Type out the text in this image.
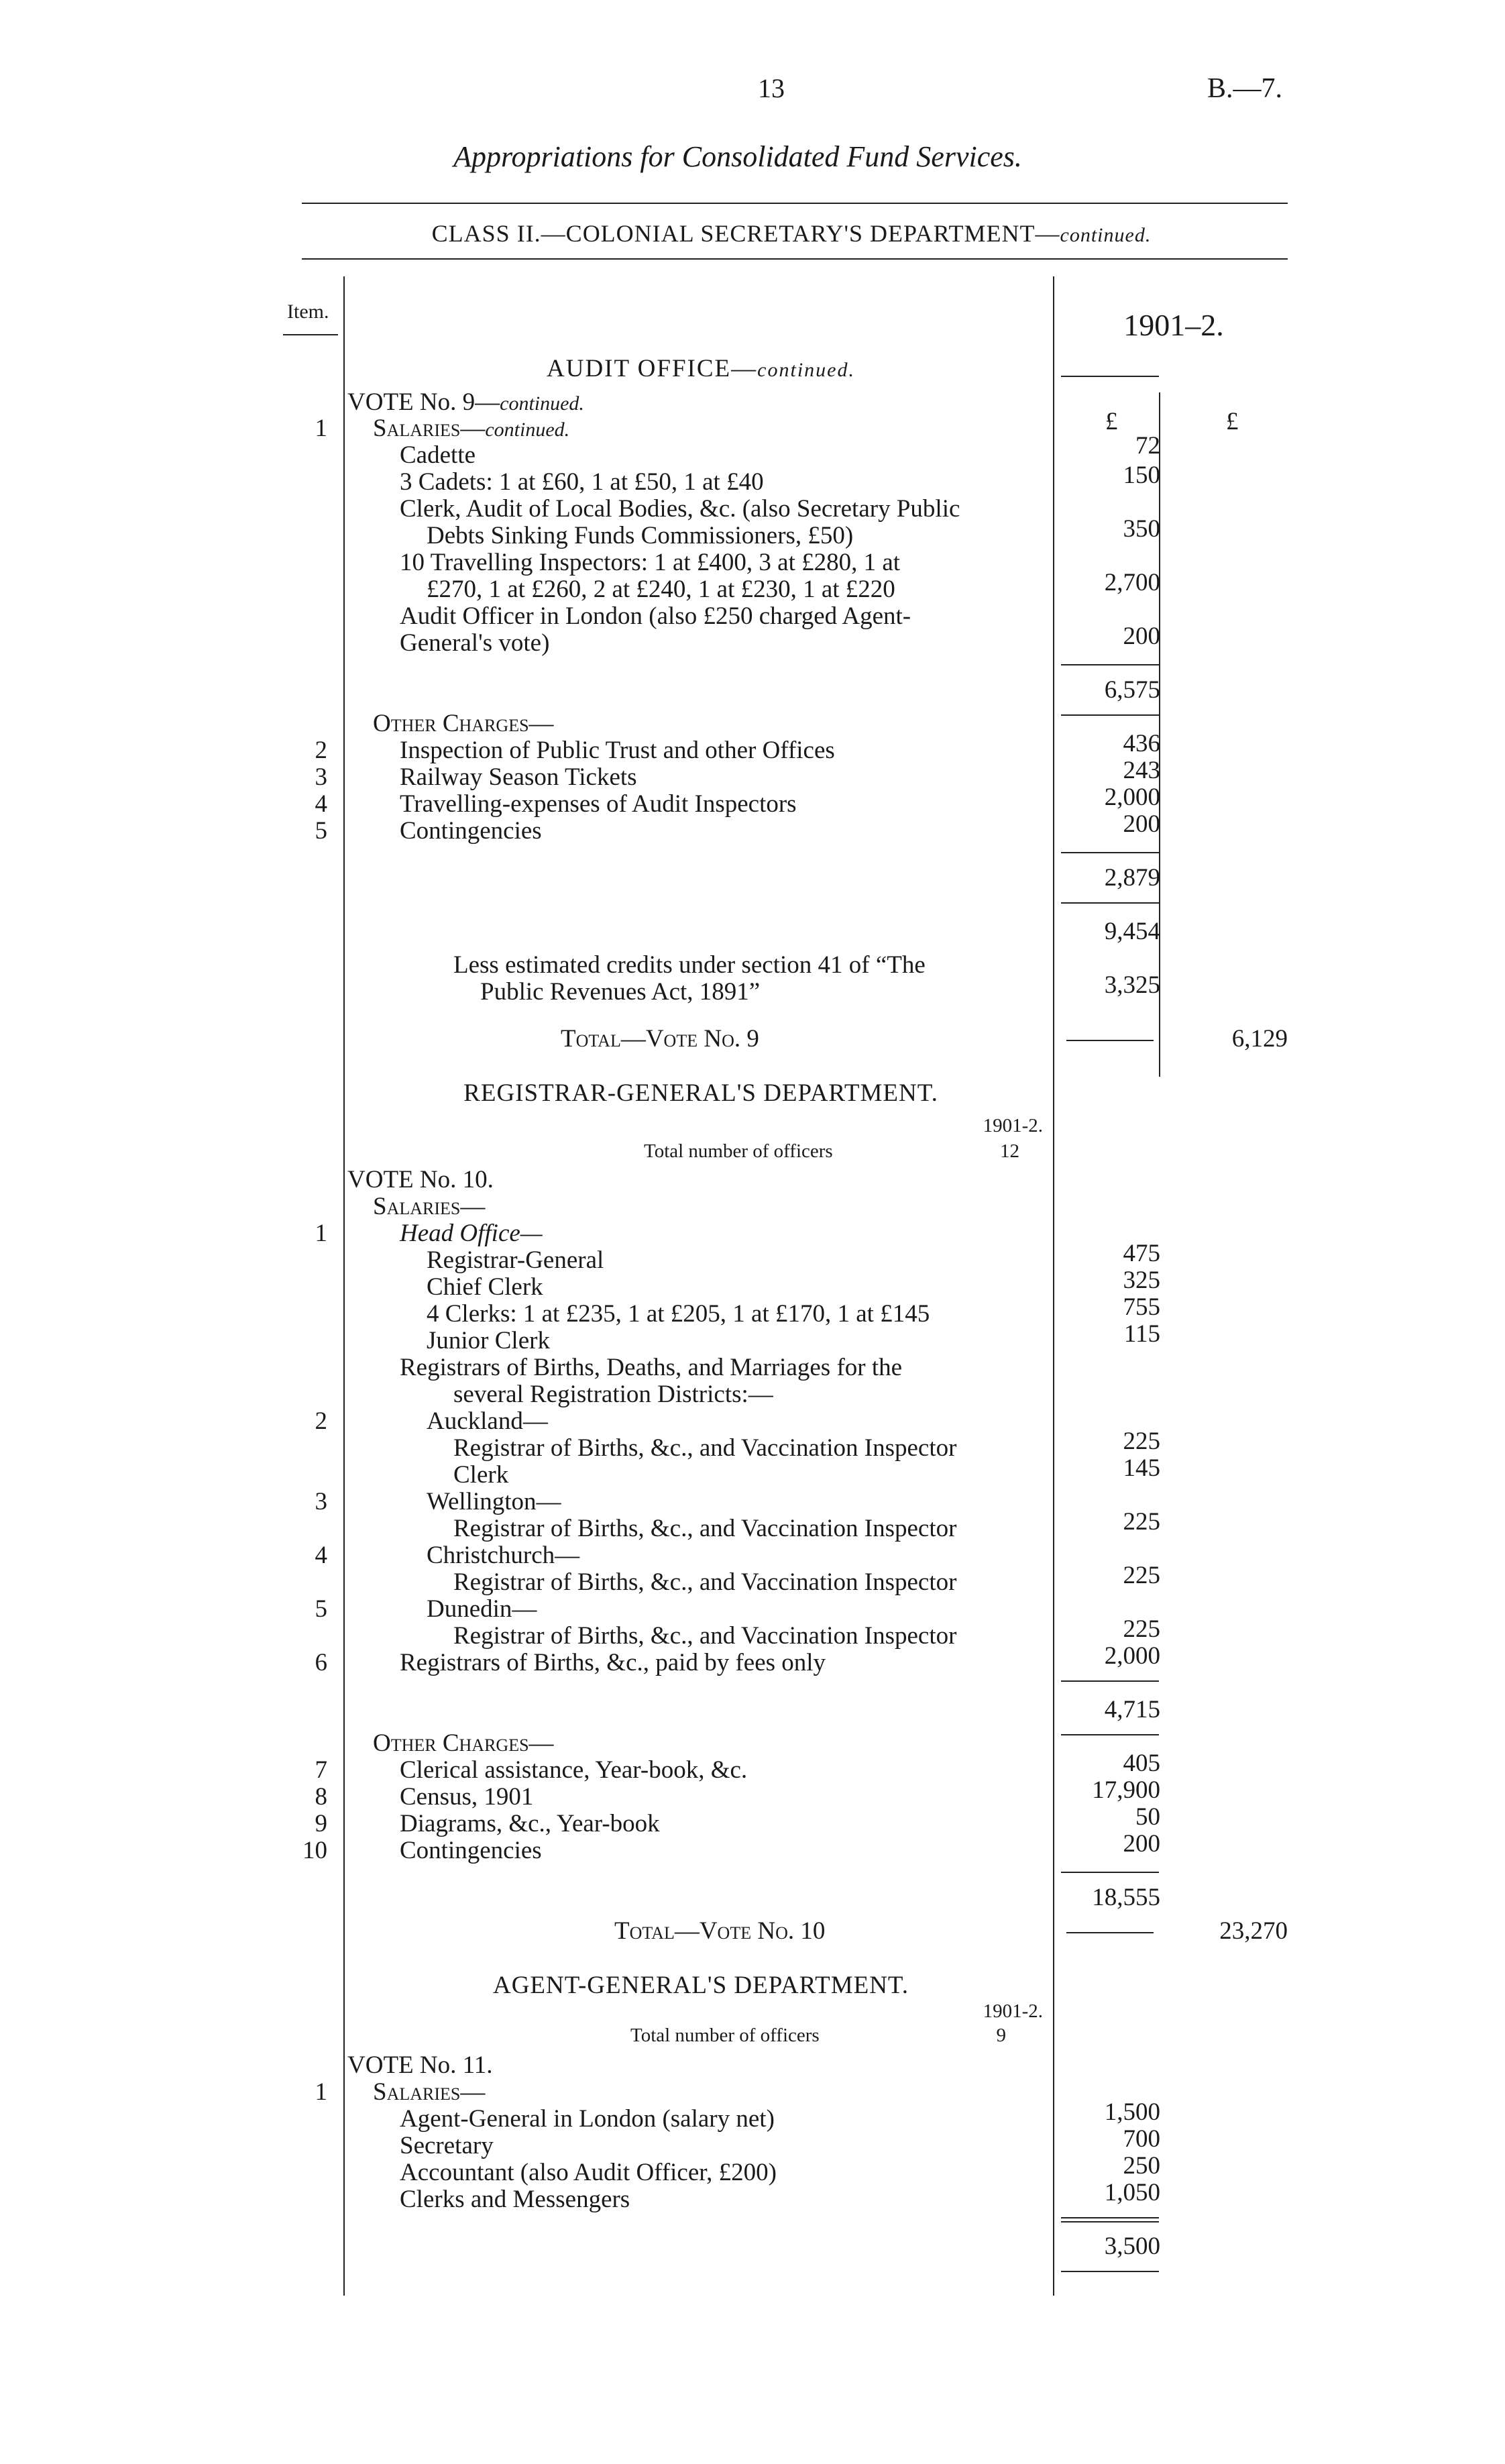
13	B.—7.
Appropriations for Consolidated Fund Services.
CLASS II.—COLONIAL SECRETARY'S DEPARTMENT—continued.
Item.	1901–2.
£	£
AUDIT OFFICE—continued.
VOTE No. 9—continued.
1 Salaries—continued.
Cadette	72
3 Cadets: 1 at £60, 1 at £50, 1 at £40	150
Clerk, Audit of Local Bodies, &c. (also Secretary Public
Debts Sinking Funds Commissioners, £50)	350
10 Travelling Inspectors: 1 at £400, 3 at £280, 1 at
£270, 1 at £260, 2 at £240, 1 at £230, 1 at £220	2,700
Audit Officer in London (also £250 charged Agent-
General's vote)	200
6,575
Other Charges—
2	Inspection of Public Trust and other Offices	436
3	Railway Season Tickets	243
4	Travelling-expenses of Audit Inspectors	2,000
5	Contingencies	200
2,879
9,454
Less estimated credits under section 41 of “The
Public Revenues Act, 1891”	3,325
Total—Vote No. 9	6,129
REGISTRAR-GENERAL'S DEPARTMENT.
1901-2.
Total number of officers	12
VOTE No. 10.
Salaries—
1	Head Office—
Registrar-General	475
Chief Clerk	325
4 Clerks: 1 at £235, 1 at £205, 1 at £170, 1 at £145	755
Junior Clerk	115
Registrars of Births, Deaths, and Marriages for the
several Registration Districts:—
2	Auckland—
Registrar of Births, &c., and Vaccination Inspector	225
Clerk	145
3	Wellington—
Registrar of Births, &c., and Vaccination Inspector	225
4	Christchurch—
Registrar of Births, &c., and Vaccination Inspector	225
5	Dunedin—
Registrar of Births, &c., and Vaccination Inspector	225
6	Registrars of Births, &c., paid by fees only	2,000
4,715
Other Charges—
7	Clerical assistance, Year-book, &c.	405
8	Census, 1901	17,900
9	Diagrams, &c., Year-book	50
10	Contingencies	200
18,555
Total—Vote No. 10	23,270
AGENT-GENERAL'S DEPARTMENT.
1901-2.
Total number of officers	9
VOTE No. 11.
1 Salaries—
Agent-General in London (salary net)	1,500
Secretary	700
Accountant (also Audit Officer, £200)	250
Clerks and Messengers	1,050
3,500
